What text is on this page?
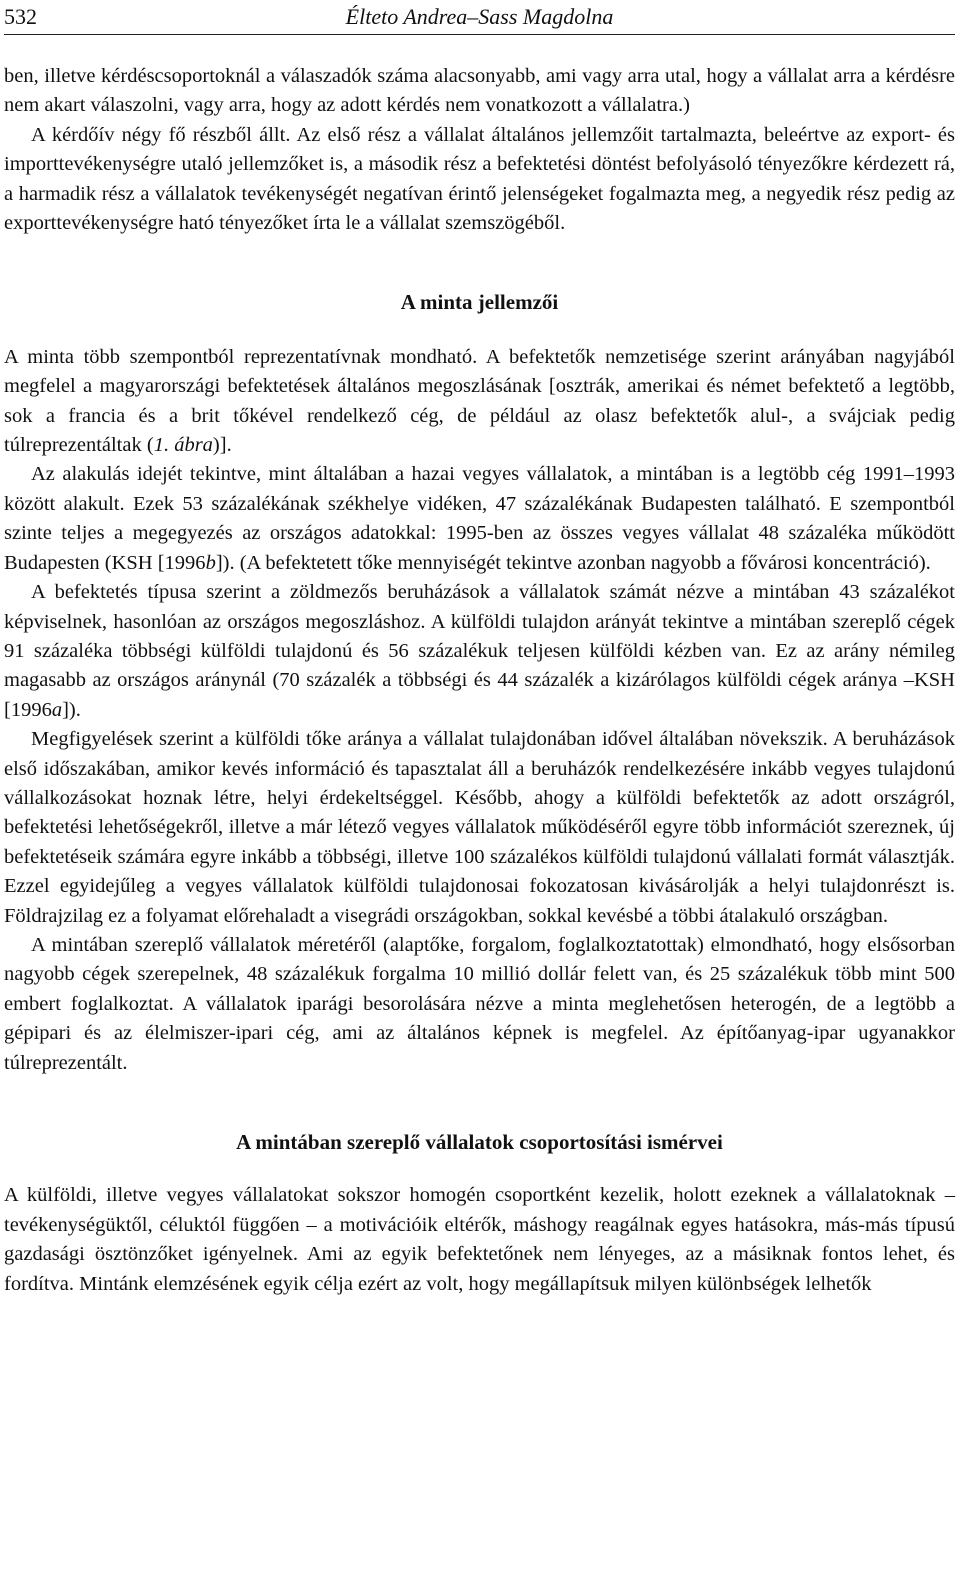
532	Élteto Andrea–Sass Magdolna

ben, illetve kérdéscsoportoknál a válaszadók száma alacsonyabb, ami vagy arra utal, hogy a vállalat arra a kérdésre nem akart válaszolni, vagy arra, hogy az adott kérdés nem vonatkozott a vállalatra.)

A kérdőív négy fő részből állt. Az első rész a vállalat általános jellemzőit tartalmazta, beleértve az export- és importtevékenységre utaló jellemzőket is, a második rész a befektetési döntést befolyásoló tényezőkre kérdezett rá, a harmadik rész a vállalatok tevékenységét negatívan érintő jelenségeket fogalmazta meg, a negyedik rész pedig az exporttevékenységre ható tényezőket írta le a vállalat szemszögéből.

A minta jellemzői

A minta több szempontból reprezentatívnak mondható. A befektetők nemzetisége szerint arányában nagyjából megfelel a magyarországi befektetések általános megoszlásának [osztrák, amerikai és német befektető a legtöbb, sok a francia és a brit tőkével rendelkező cég, de például az olasz befektetők alul-, a svájciak pedig túlreprezentáltak (1. ábra)].

Az alakulás idejét tekintve, mint általában a hazai vegyes vállalatok, a mintában is a legtöbb cég 1991–1993 között alakult. Ezek 53 százalékának székhelye vidéken, 47 százalékának Budapesten található. E szempontból szinte teljes a megegyezés az országos adatokkal: 1995-ben az összes vegyes vállalat 48 százaléka működött Budapesten (KSH [1996b]). (A befektetett tőke mennyiségét tekintve azonban nagyobb a fővárosi koncentráció).

A befektetés típusa szerint a zöldmezős beruházások a vállalatok számát nézve a mintában 43 százalékot képviselnek, hasonlóan az országos megoszláshoz. A külföldi tulajdon arányát tekintve a mintában szereplő cégek 91 százaléka többségi külföldi tulajdonú és 56 százalékuk teljesen külföldi kézben van. Ez az arány némileg magasabb az országos aránynál (70 százalék a többségi és 44 százalék a kizárólagos külföldi cégek aránya –KSH [1996a]).

Megfigyelések szerint a külföldi tőke aránya a vállalat tulajdonában idővel általában növekszik. A beruházások első időszakában, amikor kevés információ és tapasztalat áll a beruházók rendelkezésére inkább vegyes tulajdonú vállalkozásokat hoznak létre, helyi érdekeltséggel. Később, ahogy a külföldi befektetők az adott országról, befektetési lehetőségekről, illetve a már létező vegyes vállalatok működéséről egyre több információt szereznek, új befektetéseik számára egyre inkább a többségi, illetve 100 százalékos külföldi tulajdonú vállalati formát választják. Ezzel egyidejűleg a vegyes vállalatok külföldi tulajdonosai fokozatosan kivásárolják a helyi tulajdonrészt is. Földrajzilag ez a folyamat előrehaladt a visegrádi országokban, sokkal kevésbé a többi átalakuló országban.

A mintában szereplő vállalatok méretéről (alaptőke, forgalom, foglalkoztatottak) elmondható, hogy elsősorban nagyobb cégek szerepelnek, 48 százalékuk forgalma 10 millió dollár felett van, és 25 százalékuk több mint 500 embert foglalkoztat. A vállalatok iparági besorolására nézve a minta meglehetősen heterogén, de a legtöbb a gépipari és az élelmiszer-ipari cég, ami az általános képnek is megfelel. Az építőanyag-ipar ugyanakkor túlreprezentált.

A mintában szereplő vállalatok csoportosítási ismérvei

A külföldi, illetve vegyes vállalatokat sokszor homogén csoportként kezelik, holott ezeknek a vállalatoknak – tevékenységüktől, céluktól függően – a motivációik eltérők, máshogy reagálnak egyes hatásokra, más-más típusú gazdasági ösztönzőket igényelnek. Ami az egyik befektetőnek nem lényeges, az a másiknak fontos lehet, és fordítva. Mintánk elemzésének egyik célja ezért az volt, hogy megállapítsuk milyen különbségek lelhetők
